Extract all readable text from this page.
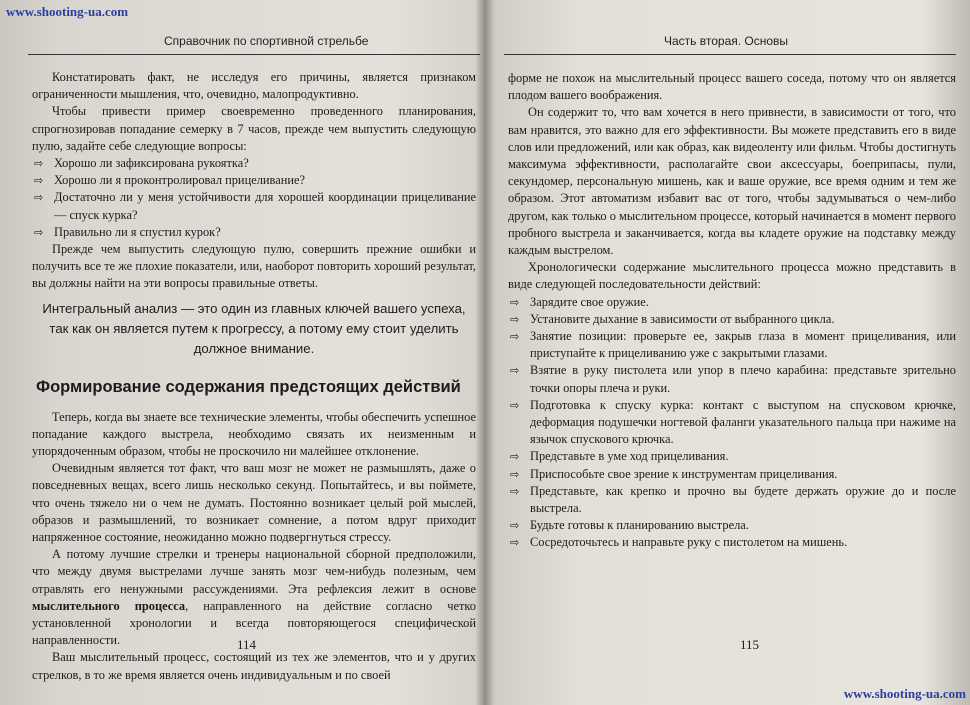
www.shooting-ua.com
Справочник по спортивной стрельбе

Констатировать факт, не исследуя его причины, является признаком ограниченности мышления, что, очевидно, малопродуктивно.

Чтобы привести пример своевременно проведенного планирования, спрогнозировав попадание семерку в 7 часов, прежде чем выпустить следующую пулю, задайте себе следующие вопросы:

⇨ Хорошо ли зафиксирована рукоятка?
⇨ Хорошо ли я проконтролировал прицеливание?
⇨ Достаточно ли у меня устойчивости для хорошей координации прицеливание — спуск курка?
⇨ Правильно ли я спустил курок?

Прежде чем выпустить следующую пулю, совершить прежние ошибки и получить все те же плохие показатели, или, наоборот повторить хороший результат, вы должны найти на эти вопросы правильные ответы.

Интегральный анализ — это один из главных ключей вашего успеха, так как он является путем к прогрессу, а потому ему стоит уделить должное внимание.
Формирование содержания предстоящих действий

Теперь, когда вы знаете все технические элементы, чтобы обеспечить успешное попадание каждого выстрела, необходимо связать их неизменным и упорядоченным образом, чтобы не проскочило ни малейшее отклонение.

Очевидным является тот факт, что ваш мозг не может не размышлять, даже о повседневных вещах, всего лишь несколько секунд. Попытайтесь, и вы поймете, что очень тяжело ни о чем не думать. Постоянно возникает целый рой мыслей, образов и размышлений, то возникает сомнение, а потом вдруг приходит напряженное состояние, неожиданно можно подвергнуться стрессу.

А потому лучшие стрелки и тренеры национальной сборной предположили, что между двумя выстрелами лучше занять мозг чем-нибудь полезным, чем отравлять его ненужными рассуждениями. Эта рефлексия лежит в основе мыслительного процесса, направленного на действие согласно четко установленной хронологии и всегда повторяющегося специфической направленности.

Ваш мыслительный процесс, состоящий из тех же элементов, что и у других стрелков, в то же время является очень индивидуальным и по своей

114
Часть вторая. Основы

форме не похож на мыслительный процесс вашего соседа, потому что он является плодом вашего воображения.

Он содержит то, что вам хочется в него привнести, в зависимости от того, что вам нравится, это важно для его эффективности. Вы можете представить его в виде слов или предложений, или как образ, как видеоленту или фильм. Чтобы достигнуть максимума эффективности, располагайте свои аксессуары, боеприпасы, пули, секундомер, персональную мишень, как и ваше оружие, все время одним и тем же образом. Этот автоматизм избавит вас от того, чтобы задумываться о чем-либо другом, как только о мыслительном процессе, который начинается в момент первого пробного выстрела и заканчивается, когда вы кладете оружие на подставку между каждым выстрелом.

Хронологически содержание мыслительного процесса можно представить в виде следующей последовательности действий:

⇨ Зарядите свое оружие.
⇨ Установите дыхание в зависимости от выбранного цикла.
⇨ Занятие позиции: проверьте ее, закрыв глаза в момент прицеливания, или приступайте к прицеливанию уже с закрытыми глазами.
⇨ Взятие в руку пистолета или упор в плечо карабина: представьте зрительно точки опоры плеча и руки.
⇨ Подготовка к спуску курка: контакт с выступом на спусковом крючке, деформация подушечки ногтевой фаланги указательного пальца при нажиме на язычок спускового крючка.
⇨ Представьте в уме ход прицеливания.
⇨ Приспособьте свое зрение к инструментам прицеливания.
⇨ Представьте, как крепко и прочно вы будете держать оружие до и после выстрела.
⇨ Будьте готовы к планированию выстрела.
⇨ Сосредоточьтесь и направьте руку с пистолетом на мишень.
115
www.shooting-ua.com
